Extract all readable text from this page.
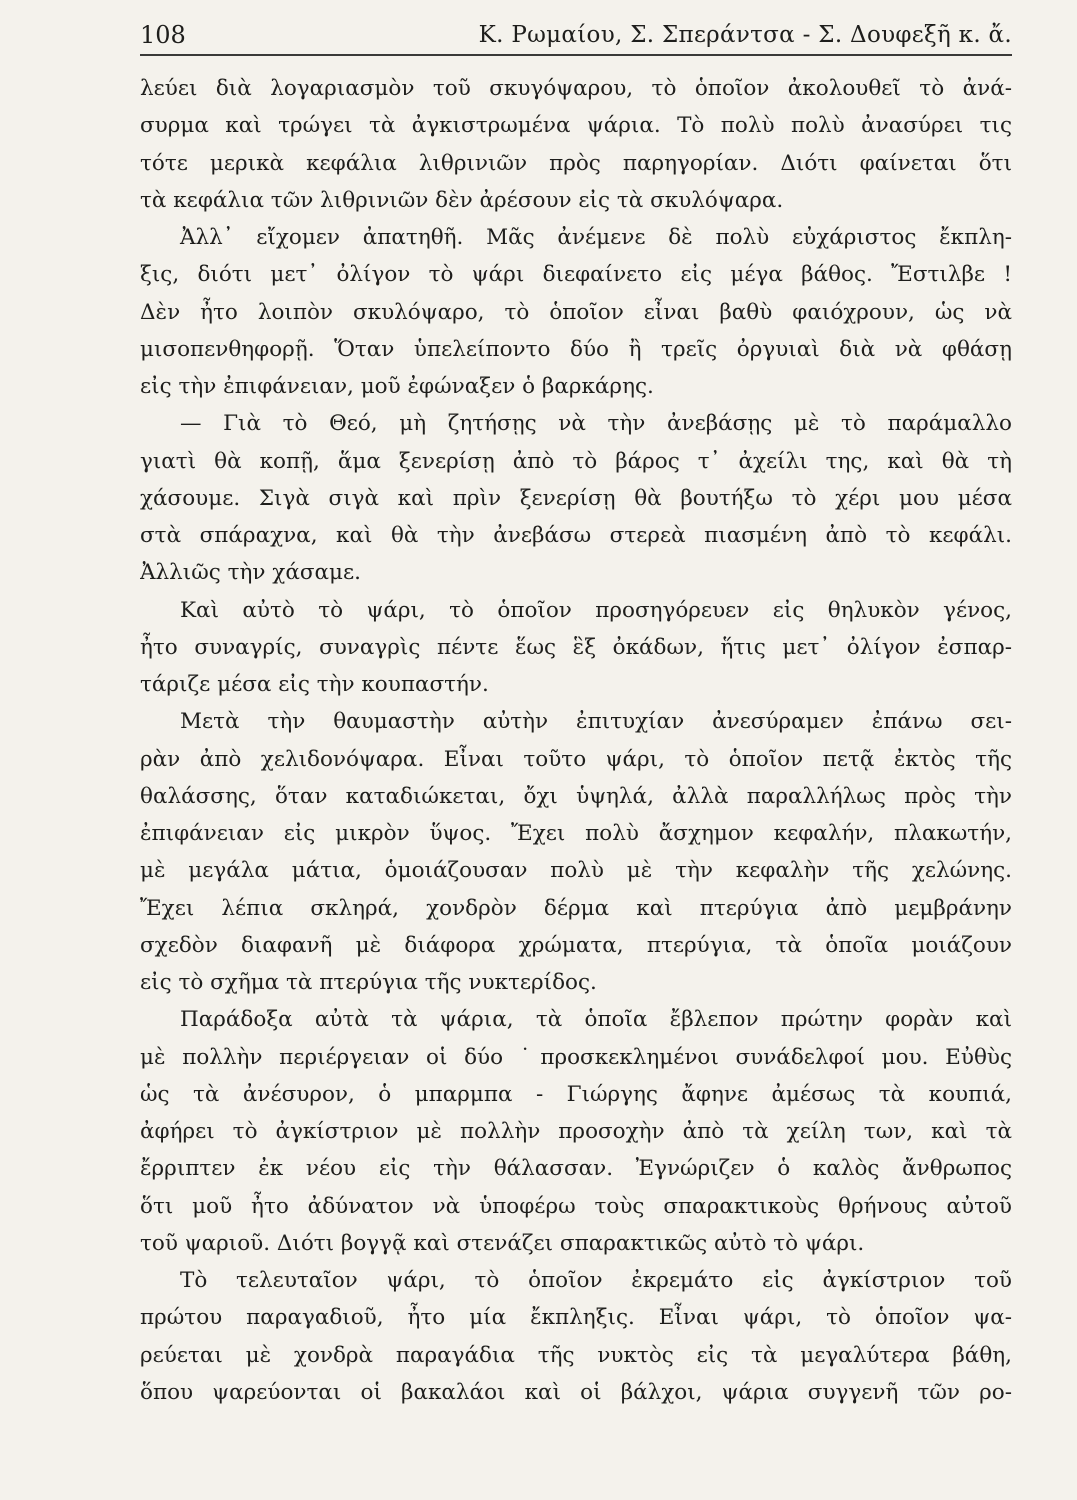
108	Κ. Ρωμαίου, Σ. Σπεράντσα - Σ. Δουφεξῆ κ. ἄ.
λεύει διὰ λογαριασμὸν τοῦ σκυγόψαρου, τὸ ὁποῖον ἀκολουθεῖ τὸ ἀνά-
συρμα καὶ τρώγει τὰ ἀγκιστρωμένα ψάρια. Τὸ πολὺ πολὺ ἀνασύρει τις
τότε μερικὰ κεφάλια λιθρινιῶν πρὸς παρηγορίαν. Διότι φαίνεται ὅτι
τὰ κεφάλια τῶν λιθρινιῶν δὲν ἀρέσουν εἰς τὰ σκυλόψαρα.
Ἀλλ᾽ εἴχομεν ἀπατηθῆ. Μᾶς ἀνέμενε δὲ πολὺ εὐχάριστος ἔκπλη-
ξις, διότι μετ᾽ ὀλίγον τὸ ψάρι διεφαίνετο εἰς μέγα βάθος. Ἔστιλβε !
Δὲν ἦτο λοιπὸν σκυλόψαρο, τὸ ὁποῖον εἶναι βαθὺ φαιόχρουν, ὡς νὰ
μισοπενθηφορῇ. Ὅταν ὑπελείποντο δύο ἢ τρεῖς ὀργυιαὶ διὰ νὰ φθάσῃ
εἰς τὴν ἐπιφάνειαν, μοῦ ἐφώναξεν ὁ βαρκάρης.
— Γιὰ τὸ Θεό, μὴ ζητήσῃς νὰ τὴν ἀνεβάσῃς μὲ τὸ παράμαλλο
γιατὶ θὰ κοπῇ, ἅμα ξενερίσῃ ἀπὸ τὸ βάρος τ᾽ ἀχείλι της, καὶ θὰ τὴ
χάσουμε. Σιγὰ σιγὰ καὶ πρὶν ξενερίσῃ θὰ βουτήξω τὸ χέρι μου μέσα
στὰ σπάραχνα, καὶ θὰ τὴν ἀνεβάσω στερεὰ πιασμένη ἀπὸ τὸ κεφάλι.
Ἀλλιῶς τὴν χάσαμε.
Καὶ αὐτὸ τὸ ψάρι, τὸ ὁποῖον προσηγόρευεν εἰς θηλυκὸν γένος,
ἦτο συναγρίς, συναγρὶς πέντε ἕως ἓξ ὀκάδων, ἥτις μετ᾽ ὀλίγον ἐσπαρ-
τάριζε μέσα εἰς τὴν κουπαστήν.
Μετὰ τὴν θαυμαστὴν αὐτὴν ἐπιτυχίαν ἀνεσύραμεν ἐπάνω σει-
ρὰν ἀπὸ χελιδονόψαρα. Εἶναι τοῦτο ψάρι, τὸ ὁποῖον πετᾷ ἐκτὸς τῆς
θαλάσσης, ὅταν καταδιώκεται, ὄχι ὑψηλά, ἀλλὰ παραλλήλως πρὸς τὴν
ἐπιφάνειαν εἰς μικρὸν ὕψος. Ἔχει πολὺ ἄσχημον κεφαλήν, πλακωτήν,
μὲ μεγάλα μάτια, ὁμοιάζουσαν πολὺ μὲ τὴν κεφαλὴν τῆς χελώνης.
Ἔχει λέπια σκληρά, χονδρὸν δέρμα καὶ πτερύγια ἀπὸ μεμβράνην
σχεδὸν διαφανῆ μὲ διάφορα χρώματα, πτερύγια, τὰ ὁποῖα μοιάζουν
εἰς τὸ σχῆμα τὰ πτερύγια τῆς νυκτερίδος.
Παράδοξα αὐτὰ τὰ ψάρια, τὰ ὁποῖα ἔβλεπον πρώτην φορὰν καὶ
μὲ πολλὴν περιέργειαν οἱ δύο ˙προσκεκλημένοι συνάδελφοί μου. Εὐθὺς
ὡς τὰ ἀνέσυρον, ὁ μπαρμπα - Γιώργης ἄφηνε ἀμέσως τὰ κουπιά,
ἀφήρει τὸ ἀγκίστριον μὲ πολλὴν προσοχὴν ἀπὸ τὰ χείλη των, καὶ τὰ
ἔρριπτεν ἐκ νέου εἰς τὴν θάλασσαν. Ἐγνώριζεν ὁ καλὸς ἄνθρωπος
ὅτι μοῦ ἦτο ἀδύνατον νὰ ὑποφέρω τοὺς σπαρακτικοὺς θρήνους αὐτοῦ
τοῦ ψαριοῦ. Διότι βογγᾷ καὶ στενάζει σπαρακτικῶς αὐτὸ τὸ ψάρι.
Τὸ τελευταῖον ψάρι, τὸ ὁποῖον ἐκρεμάτο εἰς ἀγκίστριον τοῦ
πρώτου παραγαδιοῦ, ἦτο μία ἔκπληξις. Εἶναι ψάρι, τὸ ὁποῖον ψα-
ρεύεται μὲ χονδρὰ παραγάδια τῆς νυκτὸς εἰς τὰ μεγαλύτερα βάθη,
ὅπου ψαρεύονται οἱ βακαλάοι καὶ οἱ βάλχοι, ψάρια συγγενῆ τῶν ρο-
